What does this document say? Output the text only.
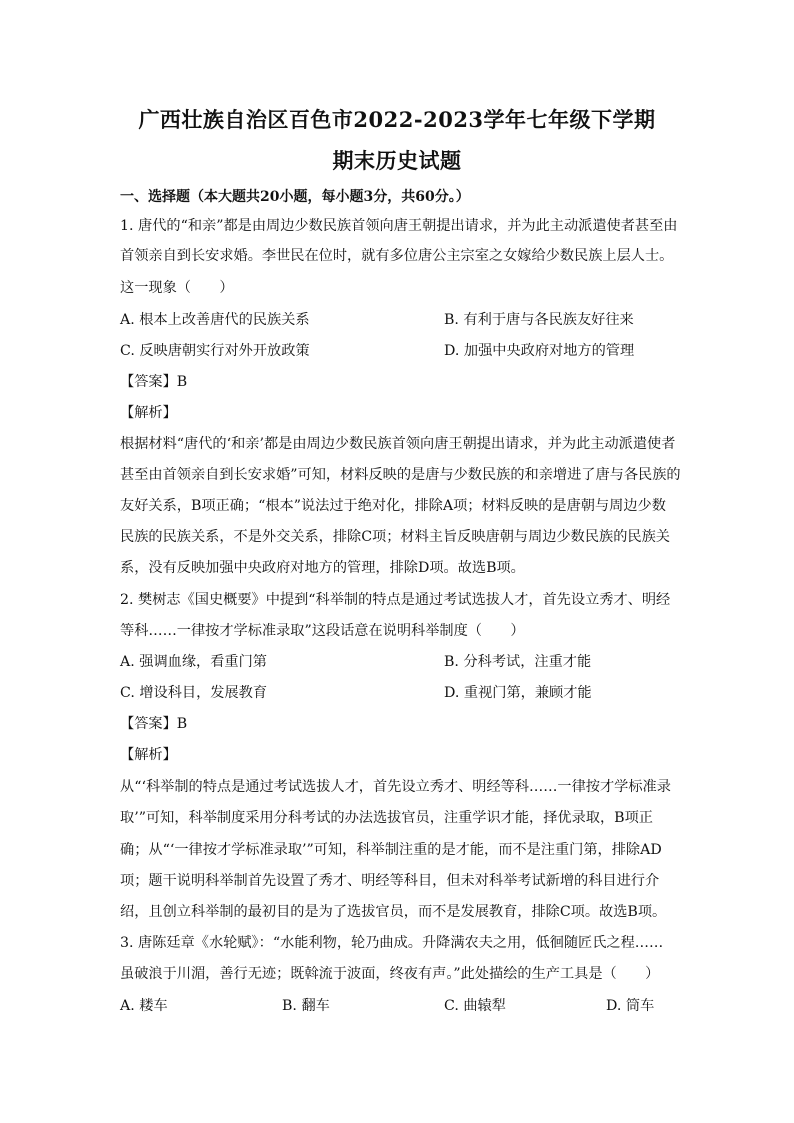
广西壮族自治区百色市2022-2023学年七年级下学期
期末历史试题
一、选择题（本大题共20小题，每小题3分，共60分。）
1. 唐代的“和亲”都是由周边少数民族首领向唐王朝提出请求，并为此主动派遣使者甚至由
首领亲自到长安求婚。李世民在位时，就有多位唐公主宗室之女嫁给少数民族上层人士。
这一现象（　　）
A. 根本上改善唐代的民族关系	B. 有利于唐与各民族友好往来
C. 反映唐朝实行对外开放政策	D. 加强中央政府对地方的管理
【答案】B
【解析】
根据材料“唐代的‘和亲’都是由周边少数民族首领向唐王朝提出请求，并为此主动派遣使者
甚至由首领亲自到长安求婚”可知，材料反映的是唐与少数民族的和亲增进了唐与各民族的
友好关系，B项正确；“根本”说法过于绝对化，排除A项；材料反映的是唐朝与周边少数
民族的民族关系，不是外交关系，排除C项；材料主旨反映唐朝与周边少数民族的民族关
系，没有反映加强中央政府对地方的管理，排除D项。故选B项。
2. 樊树志《国史概要》中提到“科举制的特点是通过考试选拔人才，首先设立秀才、明经
等科……一律按才学标准录取”这段话意在说明科举制度（　　）
A. 强调血缘，看重门第	B. 分科考试，注重才能
C. 增设科目，发展教育	D. 重视门第，兼顾才能
【答案】B
【解析】
从“‘科举制的特点是通过考试选拔人才，首先设立秀才、明经等科……一律按才学标准录
取’”可知，科举制度采用分科考试的办法选拔官员，注重学识才能，择优录取，B项正
确；从“‘一律按才学标准录取’”可知，科举制注重的是才能，而不是注重门第，排除AD
项；题干说明科举制首先设置了秀才、明经等科目，但未对科举考试新增的科目进行介
绍，且创立科举制的最初目的是为了选拔官员，而不是发展教育，排除C项。故选B项。
3. 唐陈廷章《水轮赋》：“水能利物，轮乃曲成。升降满农夫之用，低徊随匠氏之程……
虽破浪于川湄，善行无迹；既斡流于波面，终夜有声。”此处描绘的生产工具是（　　）
A. 耧车	B. 翻车	C. 曲辕犁	D. 筒车
